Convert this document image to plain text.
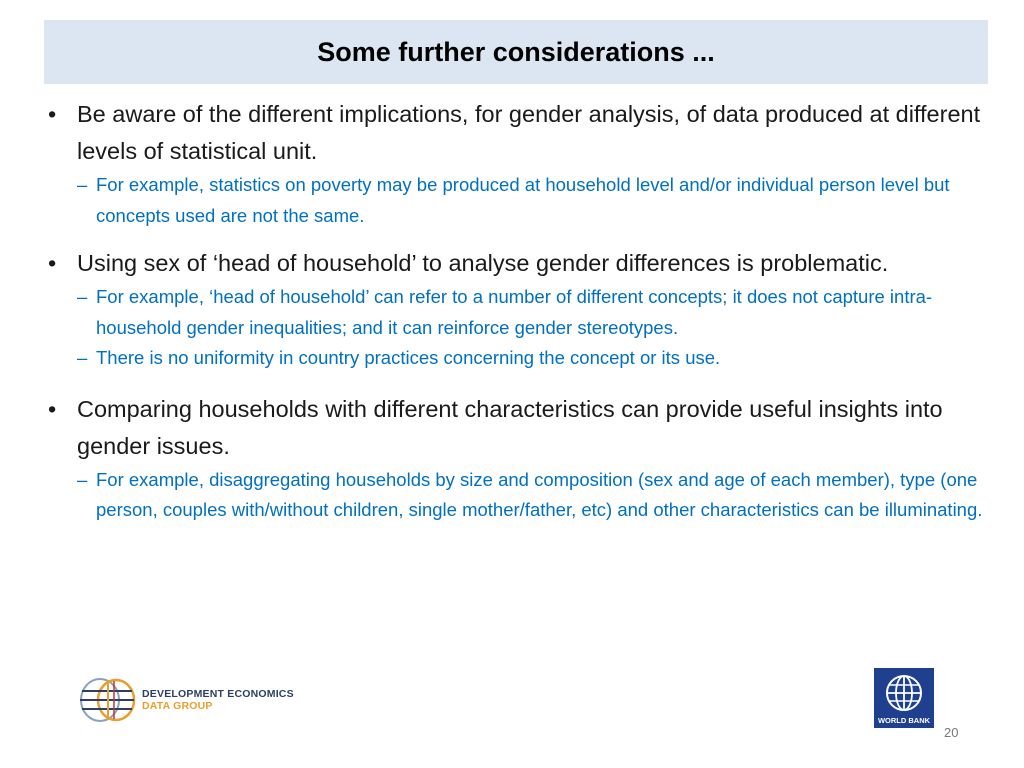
Some further considerations ...
• Be aware of the different implications, for gender analysis, of data produced at different levels of statistical unit.
– For example, statistics on poverty may be produced at household level and/or individual person level but concepts used are not the same.
• Using sex of ‘head of household’ to analyse gender differences is problematic.
– For example, ‘head of household’ can refer to a number of different concepts; it does not capture intra-household gender inequalities; and it can reinforce gender stereotypes.
– There is no uniformity in country practices concerning the concept or its use.
• Comparing households with different characteristics can provide useful insights into gender issues.
– For example, disaggregating households by size and composition (sex and age of each member), type (one person, couples with/without children, single mother/father, etc) and other characteristics can be illuminating.
DEVELOPMENT ECONOMICS
DATA GROUP
WORLD BANK
20
